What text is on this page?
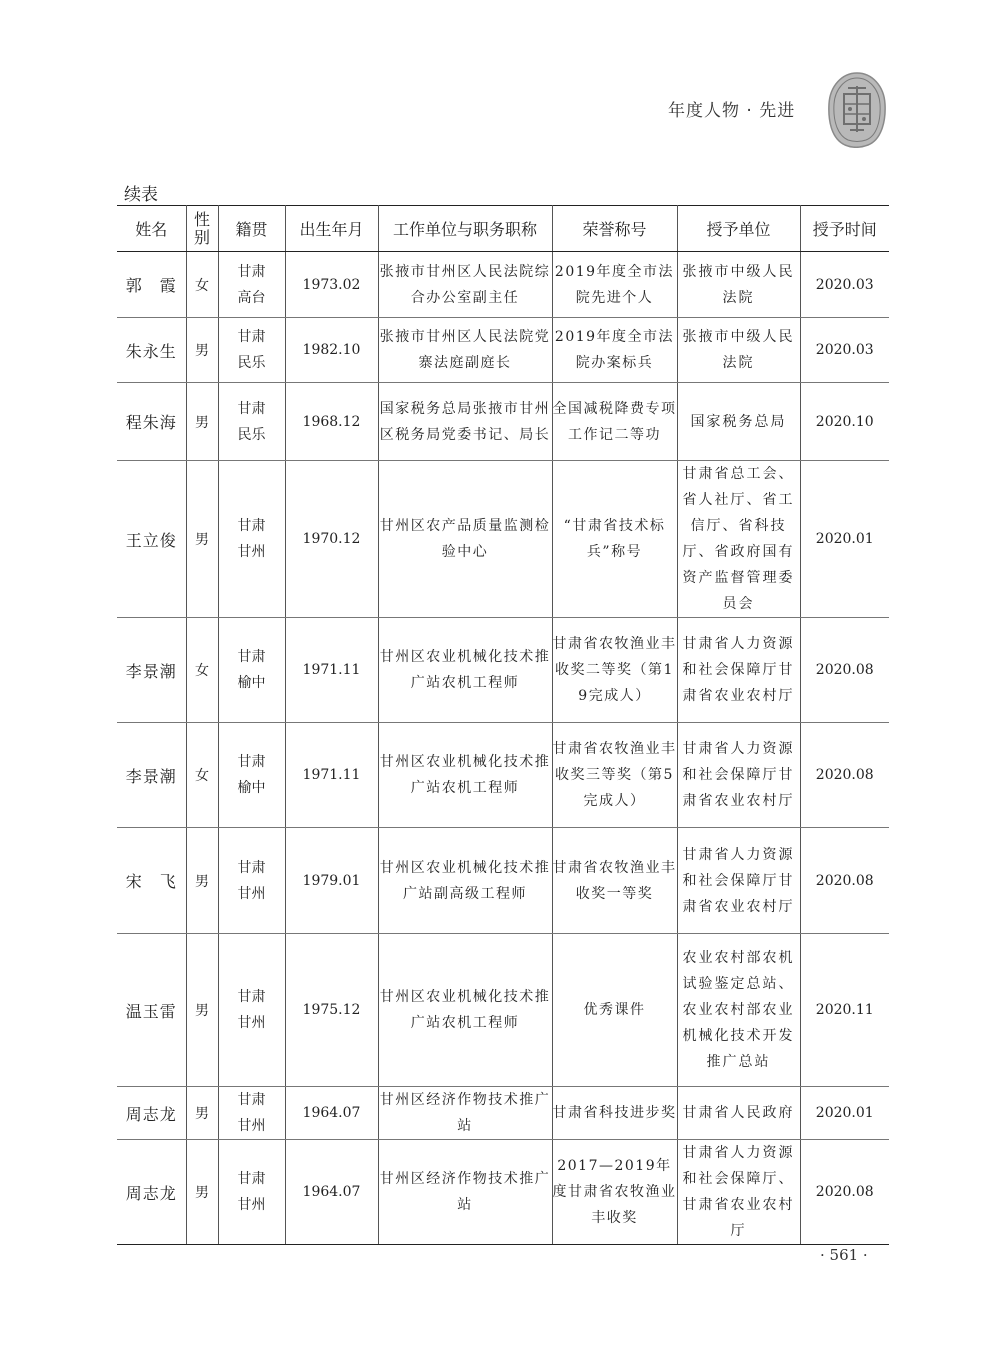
年度人物 · 先进
续表
姓名	性别	籍贯	出生年月	工作单位与职务职称	荣誉称号	授予单位	授予时间
郭　霞	女	甘肃高台	1973.02	张掖市甘州区人民法院综合办公室副主任	2019年度全市法院先进个人	张掖市中级人民法院	2020.03
朱永生	男	甘肃民乐	1982.10	张掖市甘州区人民法院党寨法庭副庭长	2019年度全市法院办案标兵	张掖市中级人民法院	2020.03
程朱海	男	甘肃民乐	1968.12	国家税务总局张掖市甘州区税务局党委书记、局长	全国减税降费专项工作记二等功	国家税务总局	2020.10
王立俊	男	甘肃甘州	1970.12	甘州区农产品质量监测检验中心	“甘肃省技术标兵”称号	甘肃省总工会、省人社厅、省工信厅、省科技厅、省政府国有资产监督管理委员会	2020.01
李景潮	女	甘肃榆中	1971.11	甘州区农业机械化技术推广站农机工程师	甘肃省农牧渔业丰收奖二等奖（第19完成人）	甘肃省人力资源和社会保障厅甘肃省农业农村厅	2020.08
李景潮	女	甘肃榆中	1971.11	甘州区农业机械化技术推广站农机工程师	甘肃省农牧渔业丰收奖三等奖（第5完成人）	甘肃省人力资源和社会保障厅甘肃省农业农村厅	2020.08
宋　飞	男	甘肃甘州	1979.01	甘州区农业机械化技术推广站副高级工程师	甘肃省农牧渔业丰收奖一等奖	甘肃省人力资源和社会保障厅甘肃省农业农村厅	2020.08
温玉雷	男	甘肃甘州	1975.12	甘州区农业机械化技术推广站农机工程师	优秀课件	农业农村部农机试验鉴定总站、农业农村部农业机械化技术开发推广总站	2020.11
周志龙	男	甘肃甘州	1964.07	甘州区经济作物技术推广站	甘肃省科技进步奖	甘肃省人民政府	2020.01
周志龙	男	甘肃甘州	1964.07	甘州区经济作物技术推广站	2017—2019年度甘肃省农牧渔业丰收奖	甘肃省人力资源和社会保障厅、甘肃省农业农村厅	2020.08
· 561 ·
